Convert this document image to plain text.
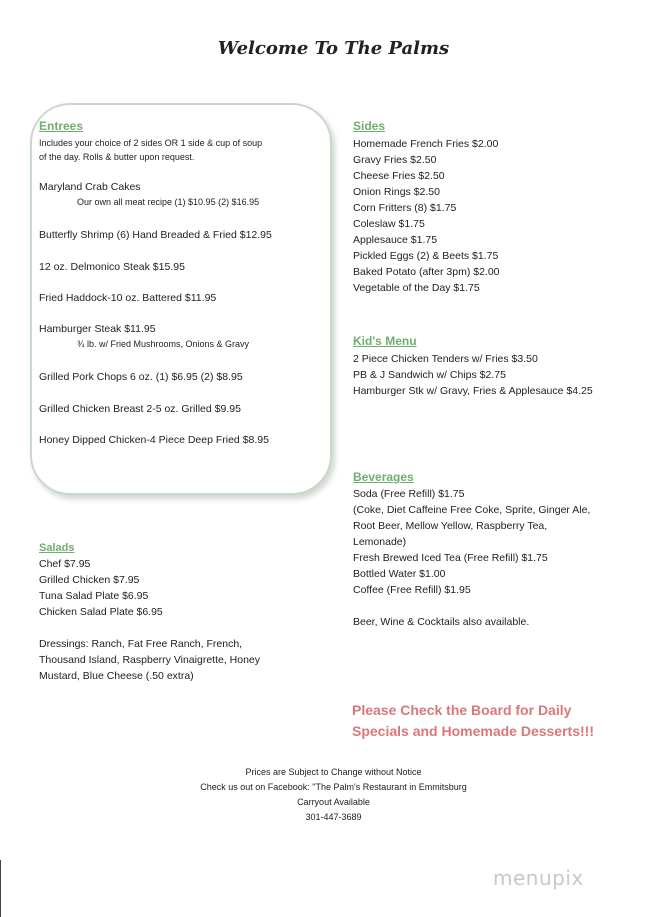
Welcome To The Palms
Entrees
Includes your choice of 2 sides OR 1 side & cup of soup
of the day. Rolls & butter upon request.
Maryland Crab Cakes
Our own all meat recipe (1) $10.95 (2) $16.95
Butterfly Shrimp (6) Hand Breaded & Fried $12.95
12 oz. Delmonico Steak $15.95
Fried Haddock-10 oz. Battered $11.95
Hamburger Steak $11.95
¾ lb. w/ Fried Mushrooms, Onions & Gravy
Grilled Pork Chops 6 oz. (1) $6.95 (2) $8.95
Grilled Chicken Breast 2-5 oz. Grilled $9.95
Honey Dipped Chicken-4 Piece Deep Fried $8.95
Sides
Homemade French Fries $2.00
Gravy Fries $2.50
Cheese Fries $2.50
Onion Rings $2.50
Corn Fritters (8) $1.75
Coleslaw $1.75
Applesauce $1.75
Pickled Eggs (2) & Beets $1.75
Baked Potato (after 3pm) $2.00
Vegetable of the Day $1.75
Kid's Menu
2 Piece Chicken Tenders w/ Fries $3.50
PB & J Sandwich w/ Chips $2.75
Hamburger Stk w/ Gravy, Fries & Applesauce $4.25
Beverages
Soda (Free Refill) $1.75
(Coke, Diet Caffeine Free Coke, Sprite, Ginger Ale,
Root Beer, Mellow Yellow, Raspberry Tea,
Lemonade)
Fresh Brewed Iced Tea (Free Refill) $1.75
Bottled Water $1.00
Coffee (Free Refill) $1.95
Beer, Wine & Cocktails also available.
Salads
Chef $7.95
Grilled Chicken $7.95
Tuna Salad Plate $6.95
Chicken Salad Plate $6.95
Dressings: Ranch, Fat Free Ranch, French,
Thousand Island, Raspberry Vinaigrette, Honey
Mustard, Blue Cheese (.50 extra)
Please Check the Board for Daily
Specials and Homemade Desserts!!!
Prices are Subject to Change without Notice
Check us out on Facebook: "The Palm's Restaurant in Emmitsburg
Carryout Available
301-447-3689
menupix
